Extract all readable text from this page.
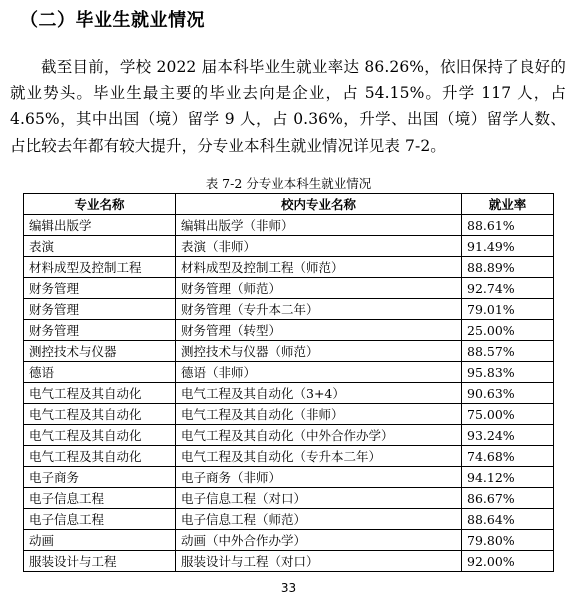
（二）毕业生就业情况

截至目前，学校 2022 届本科毕业生就业率达 86.26%，依旧保持了良好的就业势头。毕业生最主要的毕业去向是企业，占 54.15%。升学 117 人，占 4.65%，其中出国（境）留学 9 人，占 0.36%，升学、出国（境）留学人数、占比较去年都有较大提升，分专业本科生就业情况详见表 7-2。

表 7-2 分专业本科生就业情况
专业名称	校内专业名称	就业率
编辑出版学	编辑出版学（非师）	88.61%
表演	表演（非师）	91.49%
材料成型及控制工程	材料成型及控制工程（师范）	88.89%
财务管理	财务管理（师范）	92.74%
财务管理	财务管理（专升本二年）	79.01%
财务管理	财务管理（转型）	25.00%
测控技术与仪器	测控技术与仪器（师范）	88.57%
德语	德语（非师）	95.83%
电气工程及其自动化	电气工程及其自动化（3+4）	90.63%
电气工程及其自动化	电气工程及其自动化（非师）	75.00%
电气工程及其自动化	电气工程及其自动化（中外合作办学）	93.24%
电气工程及其自动化	电气工程及其自动化（专升本二年）	74.68%
电子商务	电子商务（非师）	94.12%
电子信息工程	电子信息工程（对口）	86.67%
电子信息工程	电子信息工程（师范）	88.64%
动画	动画（中外合作办学）	79.80%
服装设计与工程	服装设计与工程（对口）	92.00%
33
